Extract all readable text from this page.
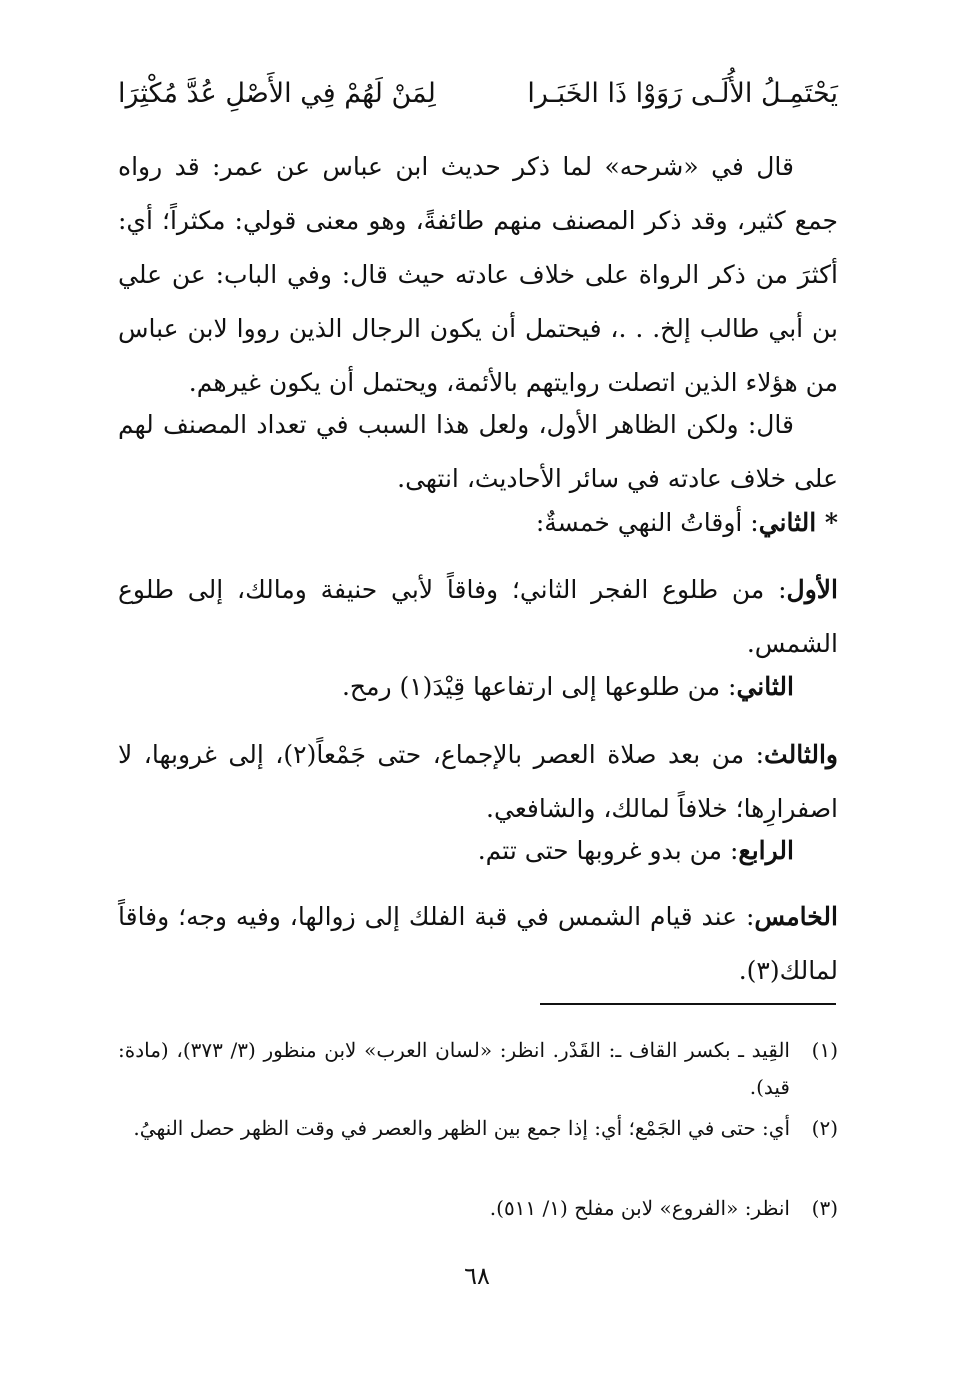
يَحْتَمِـلُ الأُلَـى رَوَوْا ذَا الخَبَـرا
لِمَنْ لَهُمْ فِي الأَصْلِ عُدَّ مُكْثِرَا
قال في «شرحه» لما ذكر حديث ابن عباس عن عمر: قد رواه جمع كثير، وقد ذكر المصنف منهم طائفةً، وهو معنى قولي: مكثراً؛ أي: أكثرَ من ذكر الرواة على خلاف عادته حيث قال: وفي الباب: عن علي بن أبي طالب إلخ. . .، فيحتمل أن يكون الرجال الذين رووا لابن عباس من هؤلاء الذين اتصلت روايتهم بالأئمة، ويحتمل أن يكون غيرهم.
قال: ولكن الظاهر الأول، ولعل هذا السبب في تعداد المصنف لهم على خلاف عادته في سائر الأحاديث، انتهى.
* الثاني: أوقاتُ النهي خمسةٌ:
الأول: من طلوع الفجر الثاني؛ وفاقاً لأبي حنيفة ومالك، إلى طلوع الشمس.
الثاني: من طلوعها إلى ارتفاعها قِيْدَ(١) رمح.
والثالث: من بعد صلاة العصر بالإجماع، حتى جَمْعاً(٢)، إلى غروبها، لا اصفرارِها؛ خلافاً لمالك، والشافعي.
الرابع: من بدو غروبها حتى تتم.
الخامس: عند قيام الشمس في قبة الفلك إلى زوالها، وفيه وجه؛ وفاقاً لمالك(٣).
(١)
القِيد ـ بكسر القاف ـ: القَدْر. انظر: «لسان العرب» لابن منظور (٣/ ٣٧٣)، (مادة: قيد).
(٢)
أي: حتى في الجَمْع؛ أي: إذا جمع بين الظهر والعصر في وقت الظهر حصل النهيُ.
(٣)
انظر: «الفروع» لابن مفلح (١/ ٥١١).
٦٨
